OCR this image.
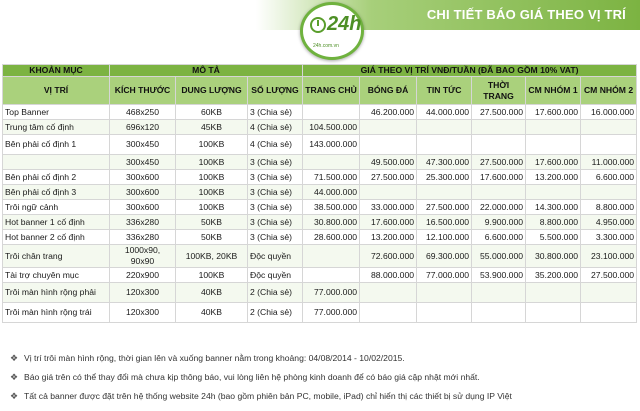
24h
24h.com.vn
CHI TIẾT BÁO GIÁ THEO VỊ TRÍ
KHOẢN MỤC	MÔ TẢ			GIÁ THEO VỊ TRÍ VNĐ/TUẦN (ĐÃ BAO GỒM 10% VAT)					
VỊ TRÍ	KÍCH THƯỚC	DUNG LƯỢNG	SỐ LƯỢNG	TRANG CHỦ	BÓNG ĐÁ	TIN TỨC	THỜI TRANG	CM NHÓM 1	CM NHÓM 2
Top Banner	468x250	60KB	3 (Chia sẻ)		46.200.000	44.000.000	27.500.000	17.600.000	16.000.000
Trung tâm cố định	696x120	45KB	4 (Chia sẻ)	104.500.000					
Bên phải cố định 1	300x450	100KB	4 (Chia sẻ)	143.000.000					
	300x450	100KB	3 (Chia sẻ)		49.500.000	47.300.000	27.500.000	17.600.000	11.000.000
Bên phải cố định 2	300x600	100KB	3 (Chia sẻ)	71.500.000	27.500.000	25.300.000	17.600.000	13.200.000	6.600.000
Bên phải cố định 3	300x600	100KB	3 (Chia sẻ)	44.000.000					
Trôi ngữ cảnh	300x600	100KB	3 (Chia sẻ)	38.500.000	33.000.000	27.500.000	22.000.000	14.300.000	8.800.000
Hot banner 1 cố định	336x280	50KB	3 (Chia sẻ)	30.800.000	17.600.000	16.500.000	9.900.000	8.800.000	4.950.000
Hot banner 2 cố định	336x280	50KB	3 (Chia sẻ)	28.600.000	13.200.000	12.100.000	6.600.000	5.500.000	3.300.000
Trôi chân trang	1000x90, 90x90	100KB, 20KB	Độc quyền		72.600.000	69.300.000	55.000.000	30.800.000	23.100.000
Tài trợ chuyên mục	220x900	100KB	Độc quyền		88.000.000	77.000.000	53.900.000	35.200.000	27.500.000
Trôi màn hình rộng phải	120x300	40KB	2 (Chia sẻ)	77.000.000					
Trôi màn hình rộng trái	120x300	40KB	2 (Chia sẻ)	77.000.000					
❖ Vị trí trôi màn hình rộng, thời gian lên và xuống banner nằm trong khoảng: 04/08/2014 - 10/02/2015.
❖ Báo giá trên có thể thay đổi mà chưa kịp thông báo, vui lòng liên hệ phòng kinh doanh để có báo giá cập nhật mới nhất.
❖ Tất cả banner được đặt trên hệ thống website 24h (bao gồm phiên bản PC, mobile, iPad) chỉ hiển thị các thiết bị sử dụng IP Việt
